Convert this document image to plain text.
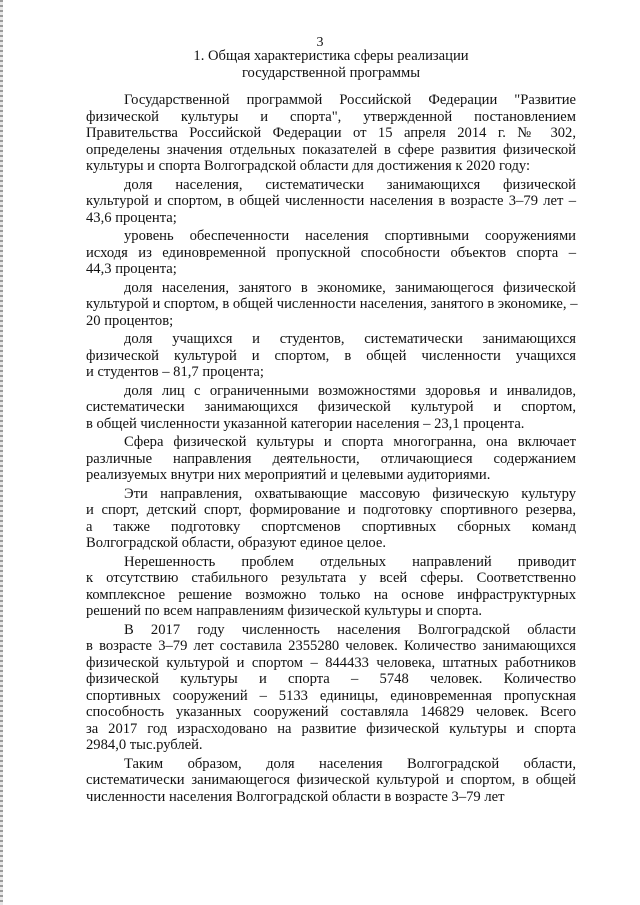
3
1. Общая характеристика сферы реализации
государственной программы
Государственной программой Российской Федерации "Развитие
физической культуры и спорта", утвержденной постановлением
Правительства Российской Федерации от 15 апреля 2014 г. № 302,
определены значения отдельных показателей в сфере развития физической
культуры и спорта Волгоградской области для достижения к 2020 году:
доля населения, систематически занимающихся физической
культурой и спортом, в общей численности населения в возрасте 3–79 лет –
43,6 процента;
уровень обеспеченности населения спортивными сооружениями
исходя из единовременной пропускной способности объектов спорта –
44,3 процента;
доля населения, занятого в экономике, занимающегося физической
культурой и спортом, в общей численности населения, занятого в экономике, –
20 процентов;
доля учащихся и студентов, систематически занимающихся
физической культурой и спортом, в общей численности учащихся
и студентов – 81,7 процента;
доля лиц с ограниченными возможностями здоровья и инвалидов,
систематически занимающихся физической культурой и спортом,
в общей численности указанной категории населения – 23,1 процента.
Сфера физической культуры и спорта многогранна, она включает
различные направления деятельности, отличающиеся содержанием
реализуемых внутри них мероприятий и целевыми аудиториями.
Эти направления, охватывающие массовую физическую культуру
и спорт, детский спорт, формирование и подготовку спортивного резерва,
а также подготовку спортсменов спортивных сборных команд
Волгоградской области, образуют единое целое.
Нерешенность проблем отдельных направлений приводит
к отсутствию стабильного результата у всей сферы. Соответственно
комплексное решение возможно только на основе инфраструктурных
решений по всем направлениям физической культуры и спорта.
В 2017 году численность населения Волгоградской области
в возрасте 3–79 лет составила 2355280 человек. Количество занимающихся
физической культурой и спортом – 844433 человека, штатных работников
физической культуры и спорта – 5748 человек. Количество
спортивных сооружений – 5133 единицы, единовременная пропускная
способность указанных сооружений составляла 146829 человек. Всего
за 2017 год израсходовано на развитие физической культуры и спорта
2984,0 тыс.рублей.
Таким образом, доля населения Волгоградской области,
систематически занимающегося физической культурой и спортом, в общей
численности населения Волгоградской области в возрасте 3–79 лет
